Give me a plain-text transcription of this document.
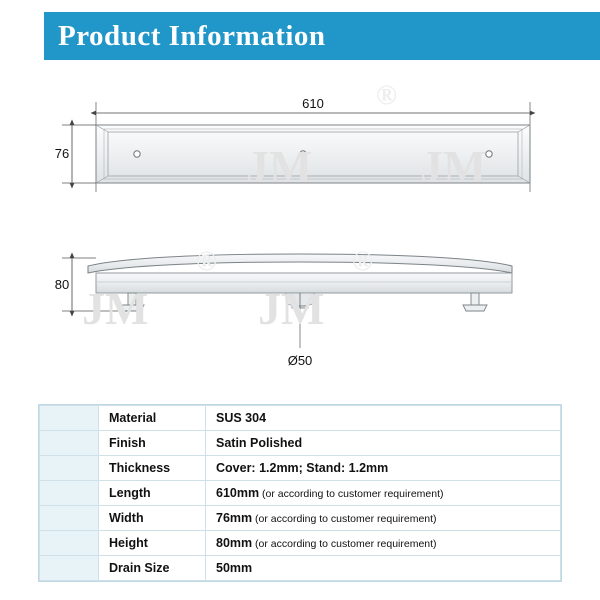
Product Information
610
76
80
Ø50
JM JM
JM JM
®
®	®
	Material	SUS 304
	Finish	Satin Polished
	Thickness	Cover: 1.2mm; Stand: 1.2mm
	Length	610mm (or according to customer requirement)
	Width	76mm (or according to customer requirement)
	Height	80mm (or according to customer requirement)
	Drain Size	50mm
